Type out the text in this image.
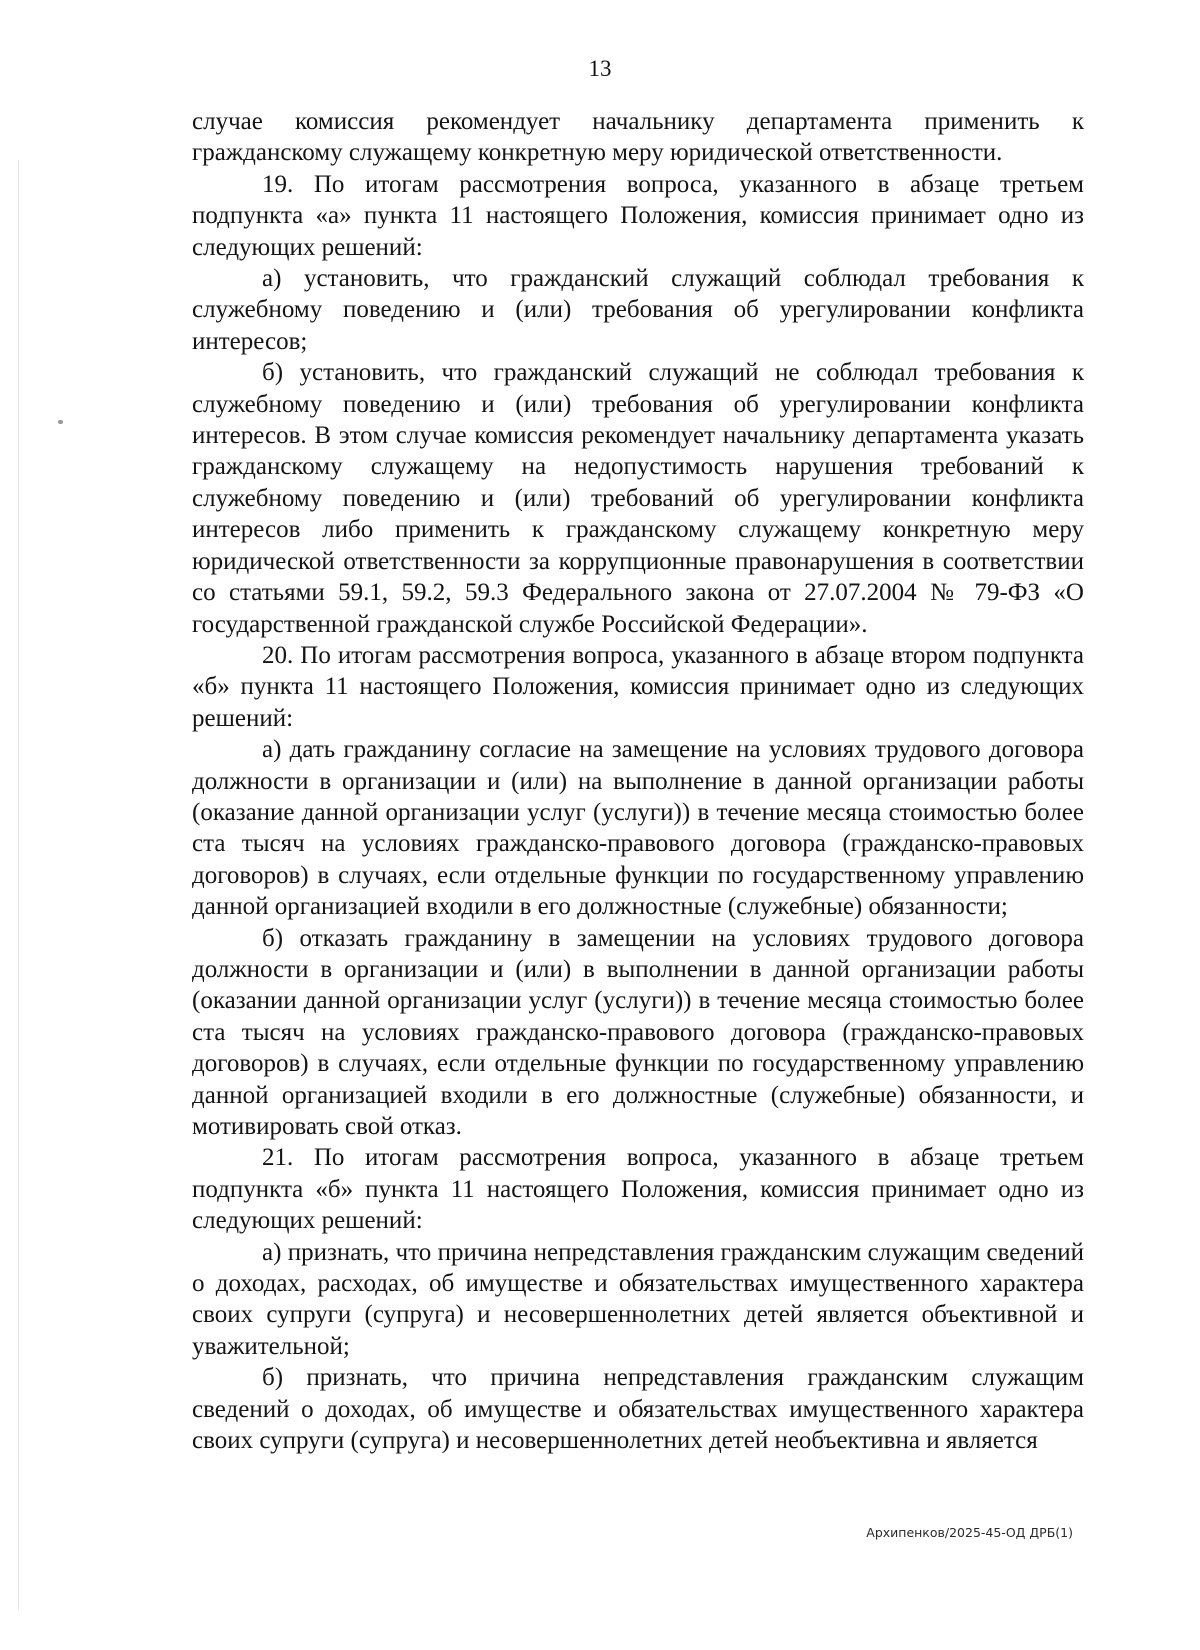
13

случае комиссия рекомендует начальнику департамента применить к гражданскому служащему конкретную меру юридической ответственности.

19. По итогам рассмотрения вопроса, указанного в абзаце третьем подпункта «а» пункта 11 настоящего Положения, комиссия принимает одно из следующих решений:

а) установить, что гражданский служащий соблюдал требования к служебному поведению и (или) требования об урегулировании конфликта интересов;

б) установить, что гражданский служащий не соблюдал требования к служебному поведению и (или) требования об урегулировании конфликта интересов. В этом случае комиссия рекомендует начальнику департамента указать гражданскому служащему на недопустимость нарушения требований к служебному поведению и (или) требований об урегулировании конфликта интересов либо применить к гражданскому служащему конкретную меру юридической ответственности за коррупционные правонарушения в соответствии со статьями 59.1, 59.2, 59.3 Федерального закона от 27.07.2004 № 79-ФЗ «О государственной гражданской службе Российской Федерации».

20. По итогам рассмотрения вопроса, указанного в абзаце втором подпункта «б» пункта 11 настоящего Положения, комиссия принимает одно из следующих решений:

а) дать гражданину согласие на замещение на условиях трудового договора должности в организации и (или) на выполнение в данной организации работы (оказание данной организации услуг (услуги)) в течение месяца стоимостью более ста тысяч на условиях гражданско-правового договора (гражданско-правовых договоров) в случаях, если отдельные функции по государственному управлению данной организацией входили в его должностные (служебные) обязанности;

б) отказать гражданину в замещении на условиях трудового договора должности в организации и (или) в выполнении в данной организации работы (оказании данной организации услуг (услуги)) в течение месяца стоимостью более ста тысяч на условиях гражданско-правового договора (гражданско-правовых договоров) в случаях, если отдельные функции по государственному управлению данной организацией входили в его должностные (служебные) обязанности, и мотивировать свой отказ.

21. По итогам рассмотрения вопроса, указанного в абзаце третьем подпункта «б» пункта 11 настоящего Положения, комиссия принимает одно из следующих решений:

а) признать, что причина непредставления гражданским служащим сведений о доходах, расходах, об имуществе и обязательствах имущественного характера своих супруги (супруга) и несовершеннолетних детей является объективной и уважительной;

б) признать, что причина непредставления гражданским служащим сведений о доходах, об имуществе и обязательствах имущественного характера своих супруги (супруга) и несовершеннолетних детей необъективна и является

Архипенков/2025-45-ОД ДРБ(1)
